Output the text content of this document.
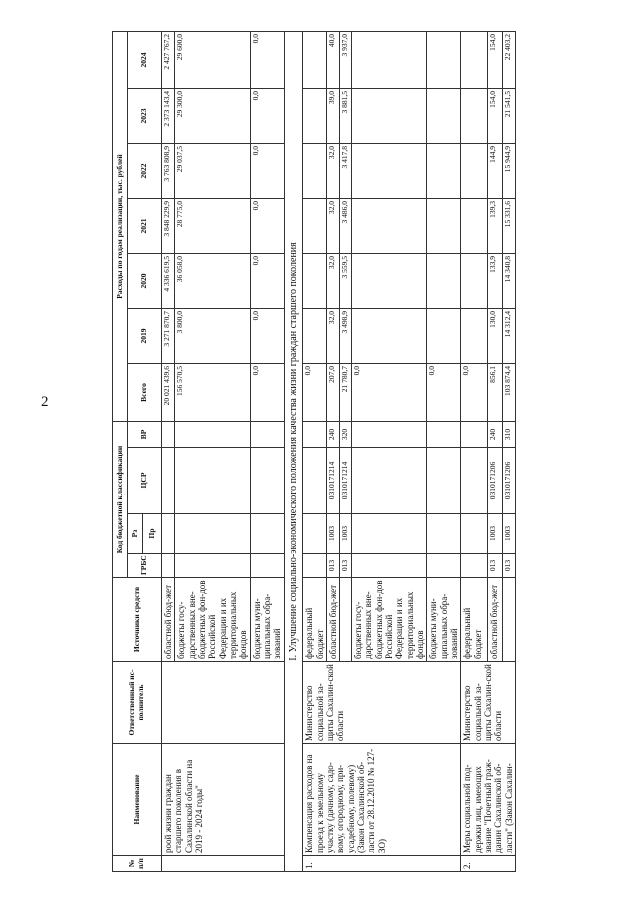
2
№ п/п	Наименование	Ответственный ис-полнитель	Источники средств	Код бюджетной классификации				Расходы по годам реализации, тыс. рублей						
				ГРБС	Рз	ЦСР	ВР	Всего	2019	2020	2021	2022	2023	2024
					Пр									
	роой жизни граждан старшего поколения в Сахалинской области на 2019 - 2024 годы"		областной бюд-жет					20 021 439,6	3 271 870,7	4 336 619,5	3 848 229,9	3 763 808,9	2 373 143,4	2 427 767,2
			бюджеты госу-дарственных вне-бюджетных фон-дов Российской Федерации и их территориальных фондов					156 570,5	3 800,0	36 058,0	28 775,0	29 037,5	29 300,0	29 600,0
			бюджеты муни-ципальных обра-зований					0,0	0,0	0,0	0,0	0,0	0,0	0,0
I. Улучшение социально-экономического положения качества жизни граждан старшего поколения														
1.	Компенсация расходов на проезд к земельному участку (дачному, садо-вому, огородному, при-усадебному, полевому) (Закон Сахалинской об-ласти от 28.12.2010 № 127-ЗО)	Министерство социальной за-щиты Сахалин-ской области	федеральный бюджет					0,0						
			областной бюд-жет	013	1003	0310171214	240	207,0	32,0	32,0	32,0	32,0	39,0	40,0
				013	1003	0310171214	320	21 780,7	3 498,9	3 559,5	3 486,0	3 417,8	3 881,5	3 937,0
			бюджеты госу-дарственных вне-бюджетных фон-дов Российской Федерации и их территориальных фондов					0,0						
			бюджеты муни-ципальных обра-зований					0,0						
2.	Меры социальной под-держки лиц, имеющих звание "Почетный граж-данин Сахалинской об-ласти" (Закон Сахалин-	Министерство социальной за-щиты Сахалин-ской области	федеральный бюджет					0,0						
			областной бюд-жет	013	1003	0310171206	240	856,1	130,0	133,9	139,3	144,9	154,0	154,0
				013	1003	0310171206	310	103 874,4	14 312,4	14 340,8	15 331,6	15 944,9	21 541,5	22 403,2
